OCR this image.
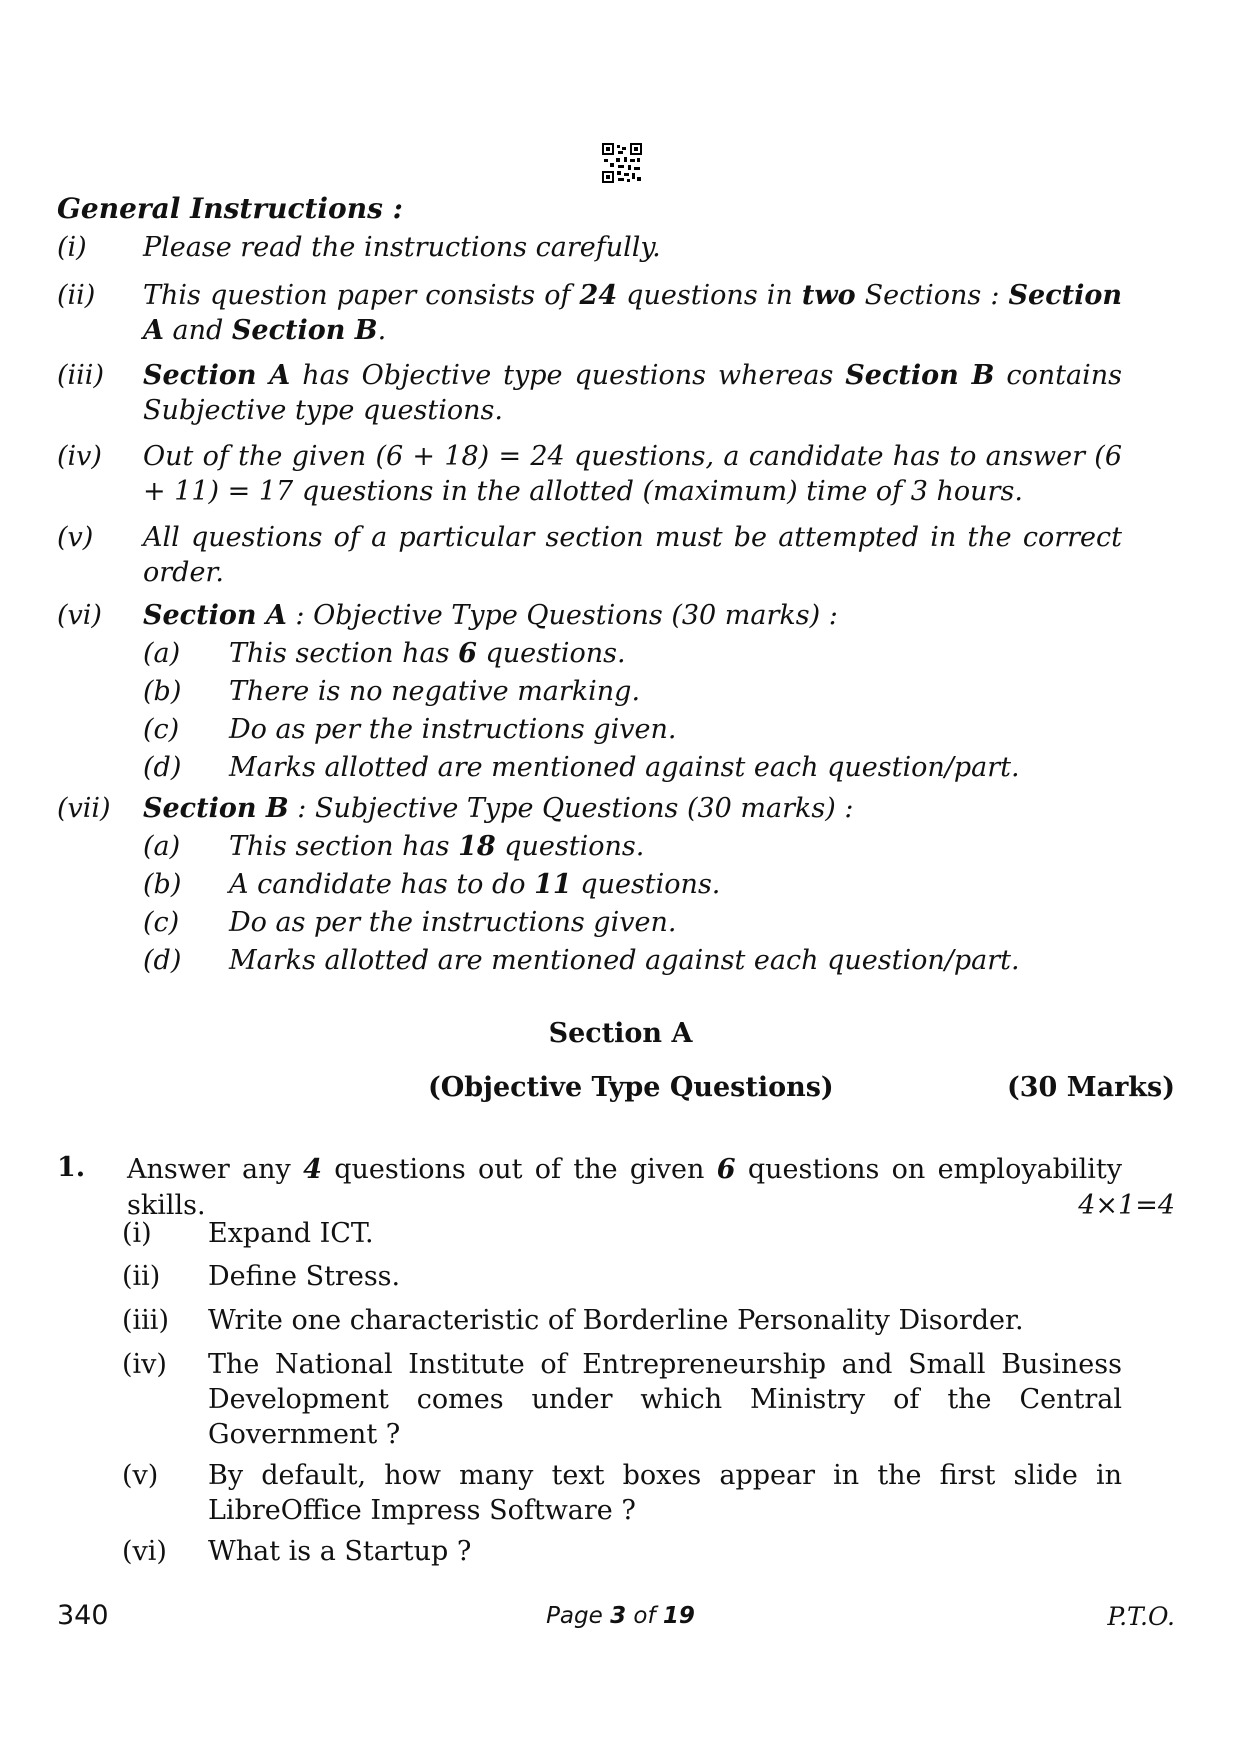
General Instructions :
(i) Please read the instructions carefully.
(ii) This question paper consists of 24 questions in two Sections : Section A and Section B.
(iii) Section A has Objective type questions whereas Section B contains Subjective type questions.
(iv) Out of the given (6 + 18) = 24 questions, a candidate has to answer (6 + 11) = 17 questions in the allotted (maximum) time of 3 hours.
(v) All questions of a particular section must be attempted in the correct order.
(vi) Section A : Objective Type Questions (30 marks) :
(a) This section has 6 questions.
(b) There is no negative marking.
(c) Do as per the instructions given.
(d) Marks allotted are mentioned against each question/part.
(vii) Section B : Subjective Type Questions (30 marks) :
(a) This section has 18 questions.
(b) A candidate has to do 11 questions.
(c) Do as per the instructions given.
(d) Marks allotted are mentioned against each question/part.
Section A
(Objective Type Questions)	(30 Marks)
1. Answer any 4 questions out of the given 6 questions on employability skills.	4×1=4
(i) Expand ICT.
(ii) Define Stress.
(iii) Write one characteristic of Borderline Personality Disorder.
(iv) The National Institute of Entrepreneurship and Small Business Development comes under which Ministry of the Central Government ?
(v) By default, how many text boxes appear in the first slide in LibreOffice Impress Software ?
(vi) What is a Startup ?
340	Page 3 of 19	P.T.O.
